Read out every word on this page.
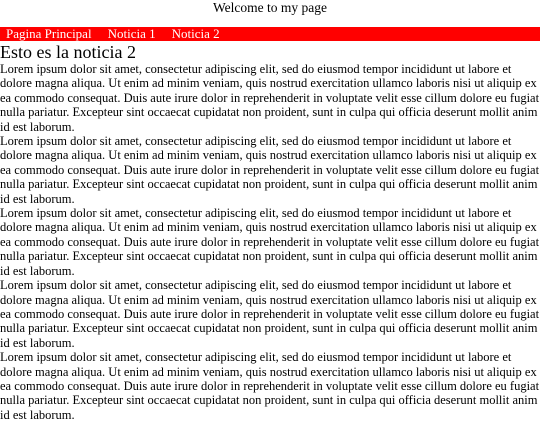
Welcome to my page
Pagina Principal Noticia 1 Noticia 2
Esto es la noticia 2

Lorem ipsum dolor sit amet, consectetur adipiscing elit, sed do eiusmod tempor incididunt ut labore et dolore magna aliqua. Ut enim ad minim veniam, quis nostrud exercitation ullamco laboris nisi ut aliquip ex ea commodo consequat. Duis aute irure dolor in reprehenderit in voluptate velit esse cillum dolore eu fugiat nulla pariatur. Excepteur sint occaecat cupidatat non proident, sunt in culpa qui officia deserunt mollit anim id est laborum.

Lorem ipsum dolor sit amet, consectetur adipiscing elit, sed do eiusmod tempor incididunt ut labore et dolore magna aliqua. Ut enim ad minim veniam, quis nostrud exercitation ullamco laboris nisi ut aliquip ex ea commodo consequat. Duis aute irure dolor in reprehenderit in voluptate velit esse cillum dolore eu fugiat nulla pariatur. Excepteur sint occaecat cupidatat non proident, sunt in culpa qui officia deserunt mollit anim id est laborum.

Lorem ipsum dolor sit amet, consectetur adipiscing elit, sed do eiusmod tempor incididunt ut labore et dolore magna aliqua. Ut enim ad minim veniam, quis nostrud exercitation ullamco laboris nisi ut aliquip ex ea commodo consequat. Duis aute irure dolor in reprehenderit in voluptate velit esse cillum dolore eu fugiat nulla pariatur. Excepteur sint occaecat cupidatat non proident, sunt in culpa qui officia deserunt mollit anim id est laborum.

Lorem ipsum dolor sit amet, consectetur adipiscing elit, sed do eiusmod tempor incididunt ut labore et dolore magna aliqua. Ut enim ad minim veniam, quis nostrud exercitation ullamco laboris nisi ut aliquip ex ea commodo consequat. Duis aute irure dolor in reprehenderit in voluptate velit esse cillum dolore eu fugiat nulla pariatur. Excepteur sint occaecat cupidatat non proident, sunt in culpa qui officia deserunt mollit anim id est laborum.

Lorem ipsum dolor sit amet, consectetur adipiscing elit, sed do eiusmod tempor incididunt ut labore et dolore magna aliqua. Ut enim ad minim veniam, quis nostrud exercitation ullamco laboris nisi ut aliquip ex ea commodo consequat. Duis aute irure dolor in reprehenderit in voluptate velit esse cillum dolore eu fugiat nulla pariatur. Excepteur sint occaecat cupidatat non proident, sunt in culpa qui officia deserunt mollit anim id est laborum.
